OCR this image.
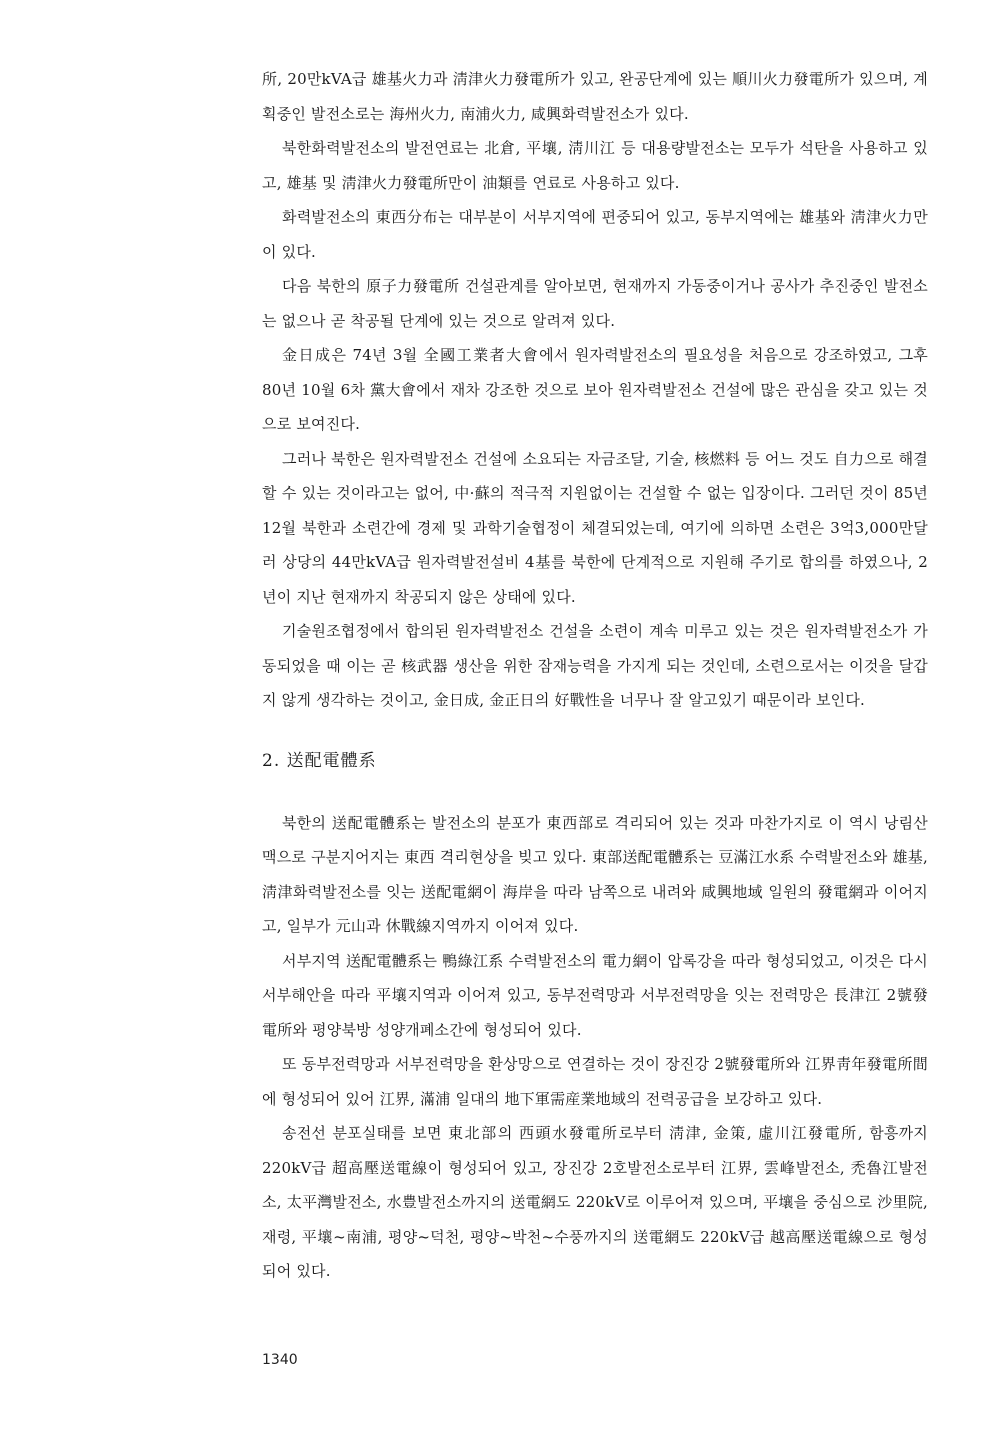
所, 20만kVA급 雄基火力과 淸津火力發電所가 있고, 완공단계에 있는 順川火力發電所가 있으며, 계획중인 발전소로는 海州火力, 南浦火力, 咸興화력발전소가 있다.

북한화력발전소의 발전연료는 北倉, 平壤, 淸川江 등 대용량발전소는 모두가 석탄을 사용하고 있고, 雄基 및 淸津火力發電所만이 油類를 연료로 사용하고 있다.

화력발전소의 東西分布는 대부분이 서부지역에 편중되어 있고, 동부지역에는 雄基와 淸津火力만이 있다.

다음 북한의 原子力發電所 건설관계를 알아보면, 현재까지 가동중이거나 공사가 추진중인 발전소는 없으나 곧 착공될 단계에 있는 것으로 알려져 있다.

金日成은 74년 3월 全國工業者大會에서 원자력발전소의 필요성을 처음으로 강조하였고, 그후 80년 10월 6차 黨大會에서 재차 강조한 것으로 보아 원자력발전소 건설에 많은 관심을 갖고 있는 것으로 보여진다.

그러나 북한은 원자력발전소 건설에 소요되는 자금조달, 기술, 核燃料 등 어느 것도 自力으로 해결할 수 있는 것이라고는 없어, 中·蘇의 적극적 지원없이는 건설할 수 없는 입장이다. 그러던 것이 85년 12월 북한과 소련간에 경제 및 과학기술협정이 체결되었는데, 여기에 의하면 소련은 3억3,000만달러 상당의 44만kVA급 원자력발전설비 4基를 북한에 단계적으로 지원해 주기로 합의를 하였으나, 2년이 지난 현재까지 착공되지 않은 상태에 있다.

기술원조협정에서 합의된 원자력발전소 건설을 소련이 계속 미루고 있는 것은 원자력발전소가 가동되었을 때 이는 곧 核武器 생산을 위한 잠재능력을 가지게 되는 것인데, 소련으로서는 이것을 달갑지 않게 생각하는 것이고, 金日成, 金正日의 好戰性을 너무나 잘 알고있기 때문이라 보인다.

2. 送配電體系

북한의 送配電體系는 발전소의 분포가 東西部로 격리되어 있는 것과 마찬가지로 이 역시 낭림산맥으로 구분지어지는 東西 격리현상을 빚고 있다. 東部送配電體系는 豆滿江水系 수력발전소와 雄基, 淸津화력발전소를 잇는 送配電網이 海岸을 따라 남쪽으로 내려와 咸興地域 일원의 發電網과 이어지고, 일부가 元山과 休戰線지역까지 이어져 있다.

서부지역 送配電體系는 鴨綠江系 수력발전소의 電力網이 압록강을 따라 형성되었고, 이것은 다시 서부해안을 따라 平壤지역과 이어져 있고, 동부전력망과 서부전력망을 잇는 전력망은 長津江 2號發電所와 평양북방 성양개폐소간에 형성되어 있다.

또 동부전력망과 서부전력망을 환상망으로 연결하는 것이 장진강 2號發電所와 江界靑年發電所間에 형성되어 있어 江界, 滿浦 일대의 地下軍需産業地域의 전력공급을 보강하고 있다.

송전선 분포실태를 보면 東北部의 西頭水發電所로부터 淸津, 金策, 虛川江發電所, 함흥까지 220kV급 超高壓送電線이 형성되어 있고, 장진강 2호발전소로부터 江界, 雲峰발전소, 禿魯江발전소, 太平灣발전소, 水豊발전소까지의 送電網도 220kV로 이루어져 있으며, 平壤을 중심으로 沙里院, 재령, 平壤~南浦, 평양~덕천, 평양~박천~수풍까지의 送電網도 220kV급 越高壓送電線으로 형성되어 있다.

1340
